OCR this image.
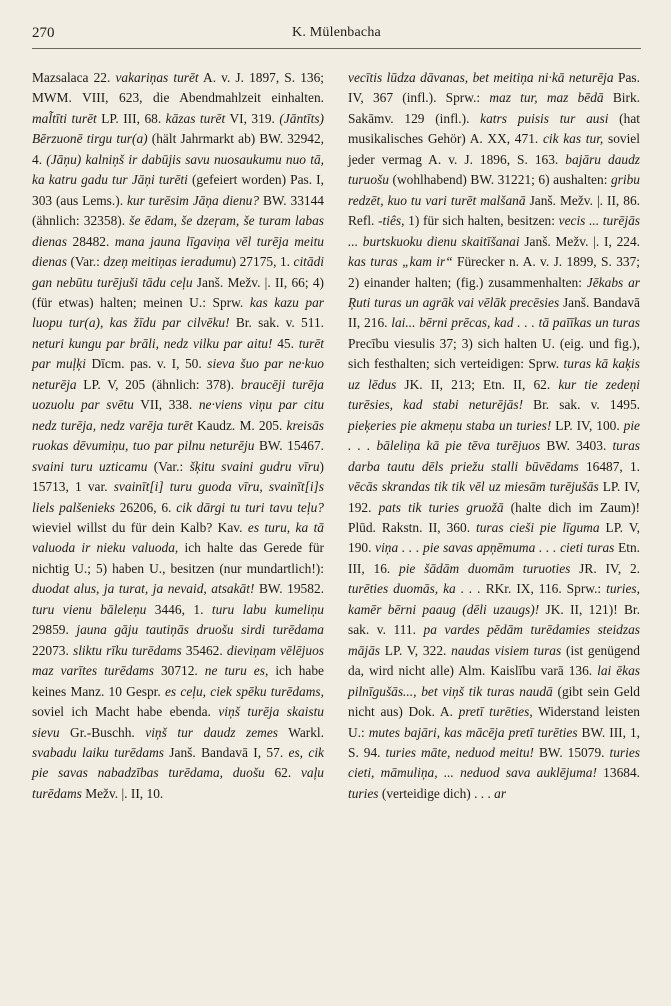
270	K. Mülenbacha

Mazsalaca 22. vakariņas turēt A. v. J. 1897, S. 136; MWM. VIII, 623, die Abendmahlzeit einhalten. mal̃tīti turēt LP. III, 68. kāzas turēt VI, 319. (Jāntīts) Bērzuonē tirgu tur(a) (hält Jahrmarkt ab) BW. 32942, 4. (Jāņu) kalniņš ir dabūjis savu nuosaukumu nuo tā, ka katru gadu tur Jāņi turēti (gefeiert worden) Pas. I, 303 (aus Lems.). kur turēsim Jāņa dienu? BW. 33144 (ähnlich: 32358). še ēdam, še dzeŗam, še turam labas dienas 28482. mana jauna līgaviņa vēl turēja meitu dienas (Var.: dzeņ meitiņas ieradumu) 27175, 1. citādi gan nebūtu turējuši tādu ceļu Janš. Mežv. |. II, 66; 4) (für etwas) halten; meinen U.: Sprw. kas kazu par luopu tur(a), kas žīdu par cilvēku! Br. sak. v. 511. neturi kungu par brāli, nedz vilku par aitu! 45. turēt par muļķi Dīcm. pas. v. I, 50. sieva šuo par ne·kuo neturēja LP. V, 205 (ähnlich: 378). braucēji turēja uozuolu par svētu VII, 338. ne·viens viņu par citu nedz turēja, nedz varēja turēt Kaudz. M. 205. kreisās ruokas dēvumiņu, tuo par pilnu neturēju BW. 15467. svaini turu uzticamu (Var.: šķitu svaini gudru vīru) 15713, 1 var. svainīt[i] turu guoda vīru, svainīt[i]s liels palšenieks 26206, 6. cik dārgi tu turi tavu teļu? wieviel willst du für dein Kalb? Kav. es turu, ka tā valuoda ir nieku valuoda, ich halte das Gerede für nichtig U.; 5) haben U., besitzen (nur mundartlich!): duodat alus, ja turat, ja nevaid, atsakāt! BW. 19582. turu vienu bāleleņu 3446, 1. turu labu kumeliņu 29859. jauna gāju tautiņās druošu sirdi turēdama 22073. sliktu rīku turēdams 35462. dieviņam vēlējuos maz varītes turēdams 30712. ne turu es, ich habe keines Manz. 10 Gespr. es ceļu, ciek spēku turēdams, soviel ich Macht habe ebenda. viņš turēja skaistu sievu Gr.-Buschh. viņš tur daudz zemes Warkl. svabadu laiku turēdams Janš. Bandavā I, 57. es, cik pie savas nabadzības turēdama, duošu 62. vaļu turēdams Mežv. |. II, 10.

vecītis lūdza dāvanas, bet meitiņa ni·kā neturēja Pas. IV, 367 (infl.). Sprw.: maz tur, maz bēdā Birk. Sakāmv. 129 (infl.). katrs puisis tur ausi (hat musikalisches Gehör) A. XX, 471. cik kas tur, soviel jeder vermag A. v. J. 1896, S. 163. bajāru daudz turuošu (wohlhabend) BW. 31221; 6) aushalten: gribu redzēt, kuo tu vari turēt malšanā Janš. Mežv. |. II, 86. Refl. -tiês, 1) für sich halten, besitzen: vecis ... turējās ... burtskuoku dienu skaitīšanai Janš. Mežv. |. I, 224. kas turas „kam ir“ Fürecker n. A. v. J. 1899, S. 337; 2) einander halten; (fig.) zusammenhalten: Jēkabs ar Ŗuti turas un agrāk vai vēlāk precēsies Janš. Bandavā II, 216. lai... bērni prēcas, kad . . . tā paīīkas un turas Precību viesulis 37; 3) sich halten U. (eig. und fig.), sich festhalten; sich verteidigen: Sprw. turas kā kaķis uz lēdus JK. II, 213; Etn. II, 62. kur tie zedeņi turēsies, kad stabi neturējās! Br. sak. v. 1495. pieķeries pie akmeņu staba un turies! LP. IV, 100. pie . . . bāleliņa kā pie tēva turējuos BW. 3403. turas darba tautu dēls priežu stalli būvēdams 16487, 1. vēcās skrandas tik tik vēl uz miesām turējušās LP. IV, 192. pats tik turies gruožā (halte dich im Zaum)! Plūd. Rakstn. II, 360. turas cieši pie līguma LP. V, 190. viņa . . . pie savas apņēmuma . . . cieti turas Etn. III, 16. pie šādām duomām turuoties JR. IV, 2. turēties duomās, ka . . . RKr. IX, 116. Sprw.: turies, kamēr bērni paaug (dēli uzaugs)! JK. II, 121)! Br. sak. v. 111. pa vardes pēdām turēdamies steidzas mājās LP. V, 322. naudas visiem turas (ist genügend da, wird nicht alle) Alm. Kaislību varā 136. lai ēkas pilnīgušās..., bet viņš tik turas naudā (gibt sein Geld nicht aus) Dok. A. pretī turēties, Widerstand leisten U.: mutes bajāri, kas mācēja pretī turēties BW. III, 1, S. 94. turies māte, neduod meitu! BW. 15079. turies cieti, māmuliņa, ... neduod sava auklējuma! 13684. turies (verteidige dich) . . . ar
